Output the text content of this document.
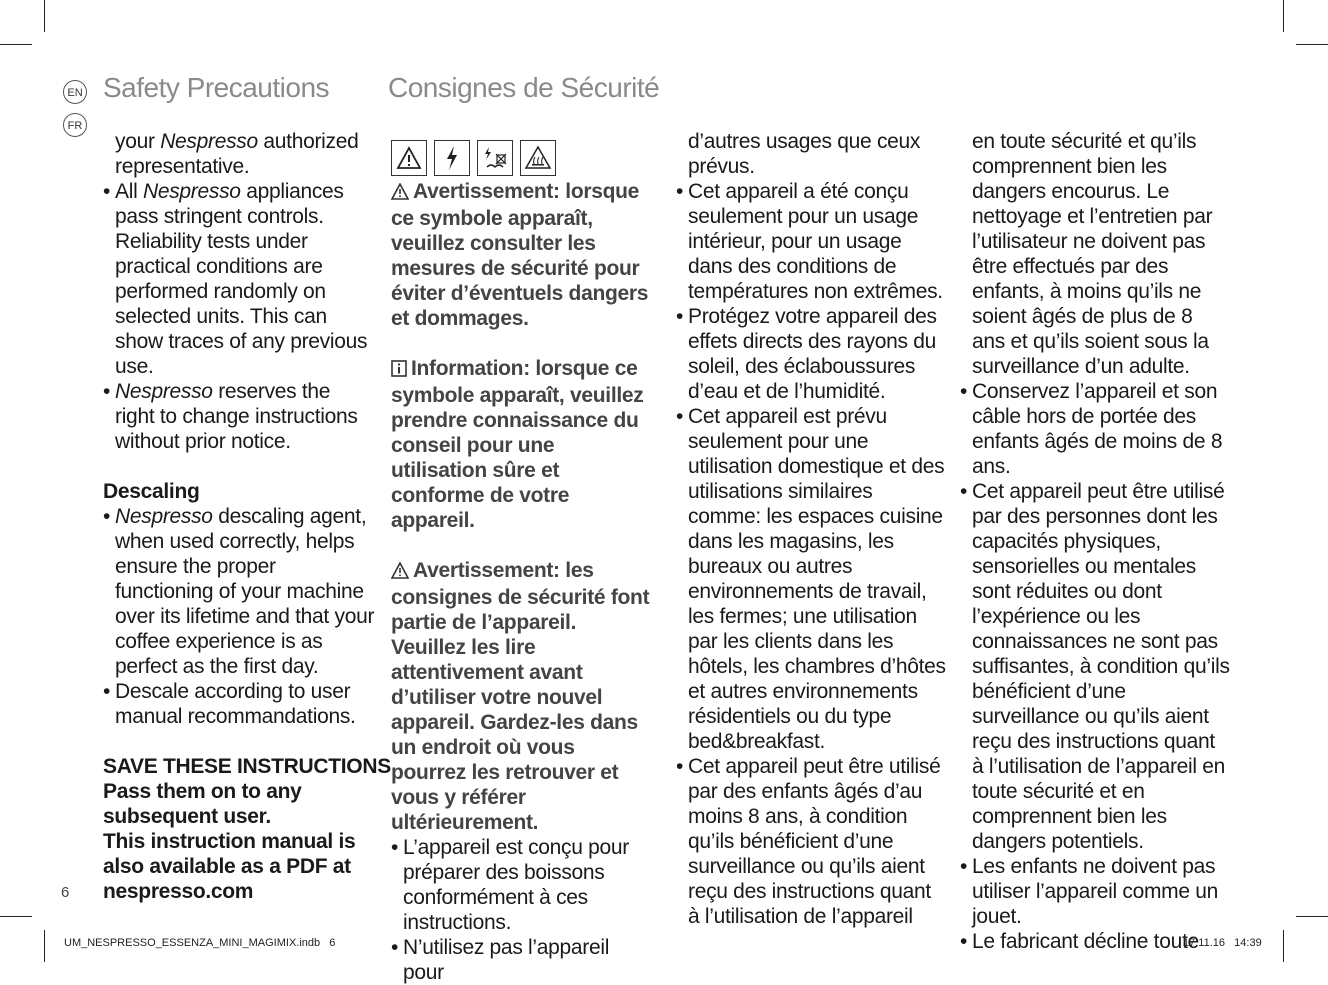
EN
FR
Safety Precautions Consignes de Sécurité
your Nespresso authorized representative.
• All Nespresso appliances pass stringent controls. Reliability tests under practical conditions are performed randomly on selected units. This can show traces of any previous use.
• Nespresso reserves the right to change instructions without prior notice.
Descaling
• Nespresso descaling agent, when used correctly, helps ensure the proper functioning of your machine over its lifetime and that your coffee experience is as perfect as the first day.
• Descale according to user manual recommandations.
SAVE THESE INSTRUCTIONS
Pass them on to any subsequent user.
This instruction manual is also available as a PDF at nespresso.com
Avertissement: lorsque ce symbole apparaît, veuillez consulter les mesures de sécurité pour éviter d’éventuels dangers et dommages.
Information: lorsque ce symbole apparaît, veuillez prendre connaissance du conseil pour une utilisation sûre et conforme de votre appareil.
Avertissement: les consignes de sécurité font partie de l’appareil. Veuillez les lire attentivement avant d’utiliser votre nouvel appareil. Gardez-les dans un endroit où vous pourrez les retrouver et vous y référer ultérieurement.
• L’appareil est conçu pour préparer des boissons conformément à ces instructions.
• N’utilisez pas l’appareil pour
d’autres usages que ceux prévus.
• Cet appareil a été conçu seulement pour un usage intérieur, pour un usage dans des conditions de températures non extrêmes.
• Protégez votre appareil des effets directs des rayons du soleil, des éclaboussures d’eau et de l’humidité.
• Cet appareil est prévu seulement pour une utilisation domestique et des utilisations similaires comme: les espaces cuisine dans les magasins, les bureaux ou autres environnements de travail, les fermes; une utilisation par les clients dans les hôtels, les chambres d’hôtes et autres environnements résidentiels ou du type bed&breakfast.
• Cet appareil peut être utilisé par des enfants âgés d’au moins 8 ans, à condition qu’ils bénéficient d’une surveillance ou qu’ils aient reçu des instructions quant à l’utilisation de l’appareil
en toute sécurité et qu’ils comprennent bien les dangers encourus. Le nettoyage et l’entretien par l’utilisateur ne doivent pas être effectués par des enfants, à moins qu’ils ne soient âgés de plus de 8 ans et qu’ils soient sous la surveillance d’un adulte.
• Conservez l’appareil et son câble hors de portée des enfants âgés de moins de 8 ans.
• Cet appareil peut être utilisé par des personnes dont les capacités physiques, sensorielles ou mentales sont réduites ou dont l’expérience ou les connaissances ne sont pas suffisantes, à condition qu’ils bénéficient d’une surveillance ou qu’ils aient reçu des instructions quant à l’utilisation de l’appareil en toute sécurité et en comprennent bien les dangers potentiels.
• Les enfants ne doivent pas utiliser l’appareil comme un jouet.
• Le fabricant décline toute
6
UM_NESPRESSO_ESSENZA_MINI_MAGIMIX.indb   6	17.11.16   14:39
